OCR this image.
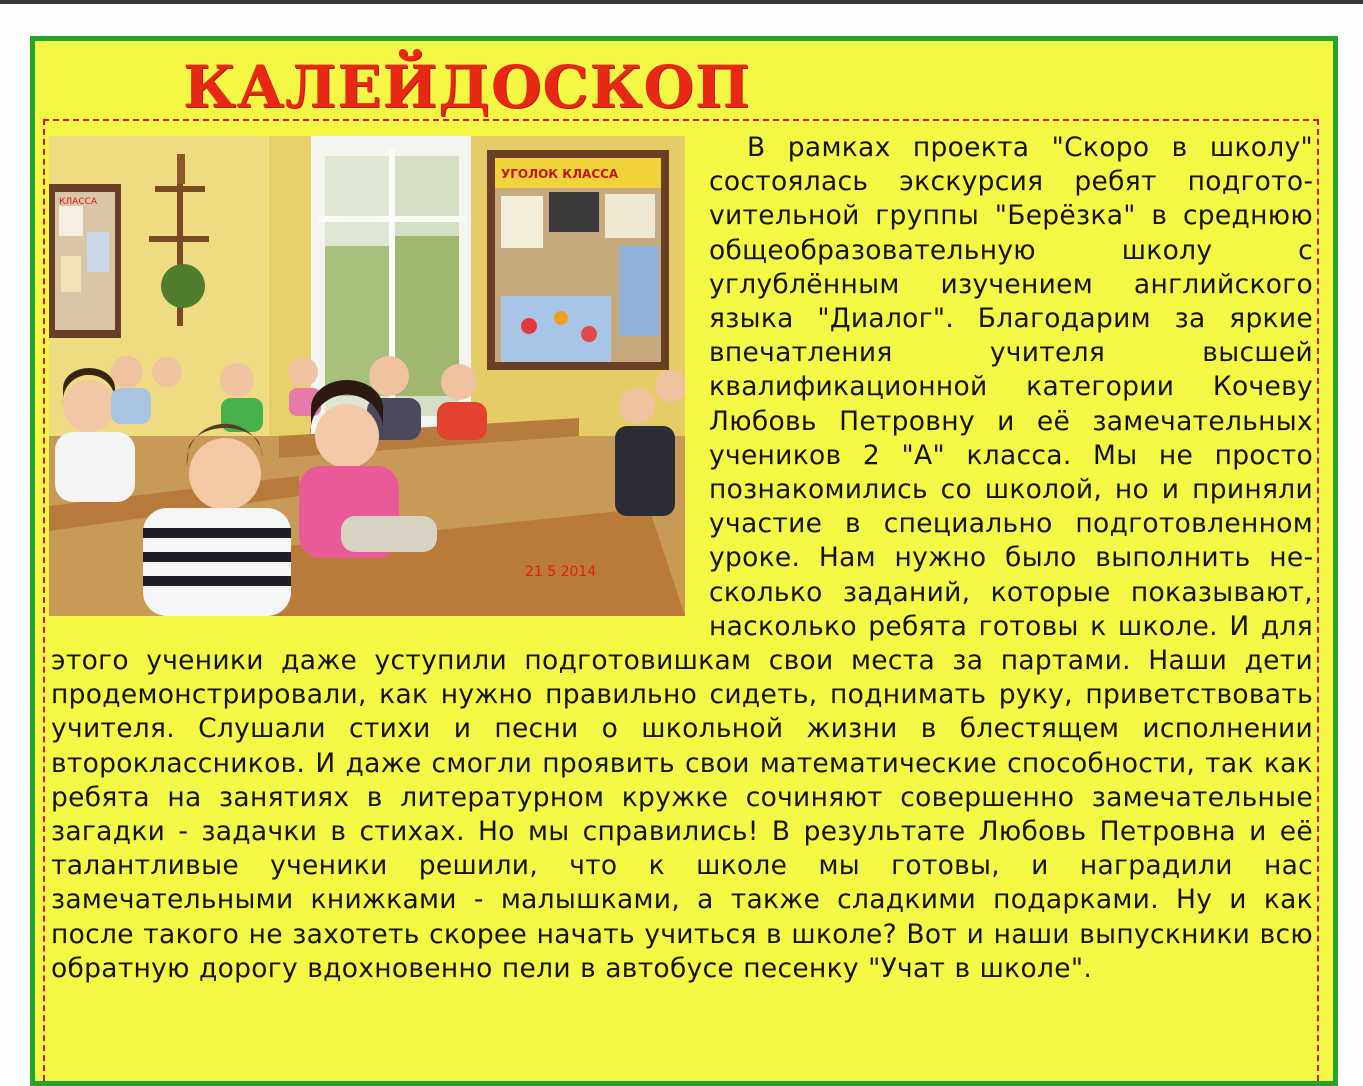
КАЛЕЙДОСКОП
КЛАССА
УГОЛОК КЛАССА
21 5 2014

В рамках проекта "Скоро в школу" состоялась экскурсия ребят подготоvительной группы "Берёзка" в среднюю общеобразовательную школу с углублённым изучением английского языка "Диалог". Благодарим за яркие впечатления учителя высшей квалификационной категории Кочеву Любовь Петровну и её замечательных учеников 2 "А" класса. Мы не просто познакомились со школой, но и приняли участие в специально подготовленном уроке. Нам нужно было выполнить несколько заданий, которые показывают, насколько ребята готовы к школе. И для этого ученики даже уступили подготовишкам свои места за партами. Наши дети продемонстрировали, как нужно правильно сидеть, поднимать руку, приветствовать учителя. Слушали стихи и песни о школьной жизни в блестящем исполнении второклассников. И даже смогли проявить свои математические способности, так как ребята на занятиях в литературном кружке сочиняют совершенно замечательные загадки - задачки в стихах. Но мы справились! В результате Любовь Петровна и её талантливые ученики решили, что к школе мы готовы, и наградили нас замечательными книжками - малышками, а также сладкими подарками. Ну и как после такого не захотеть скорее начать учиться в школе? Вот и наши выпускники всю обратную дорогу вдохновенно пели в автобусе песенку "Учат в школе".
